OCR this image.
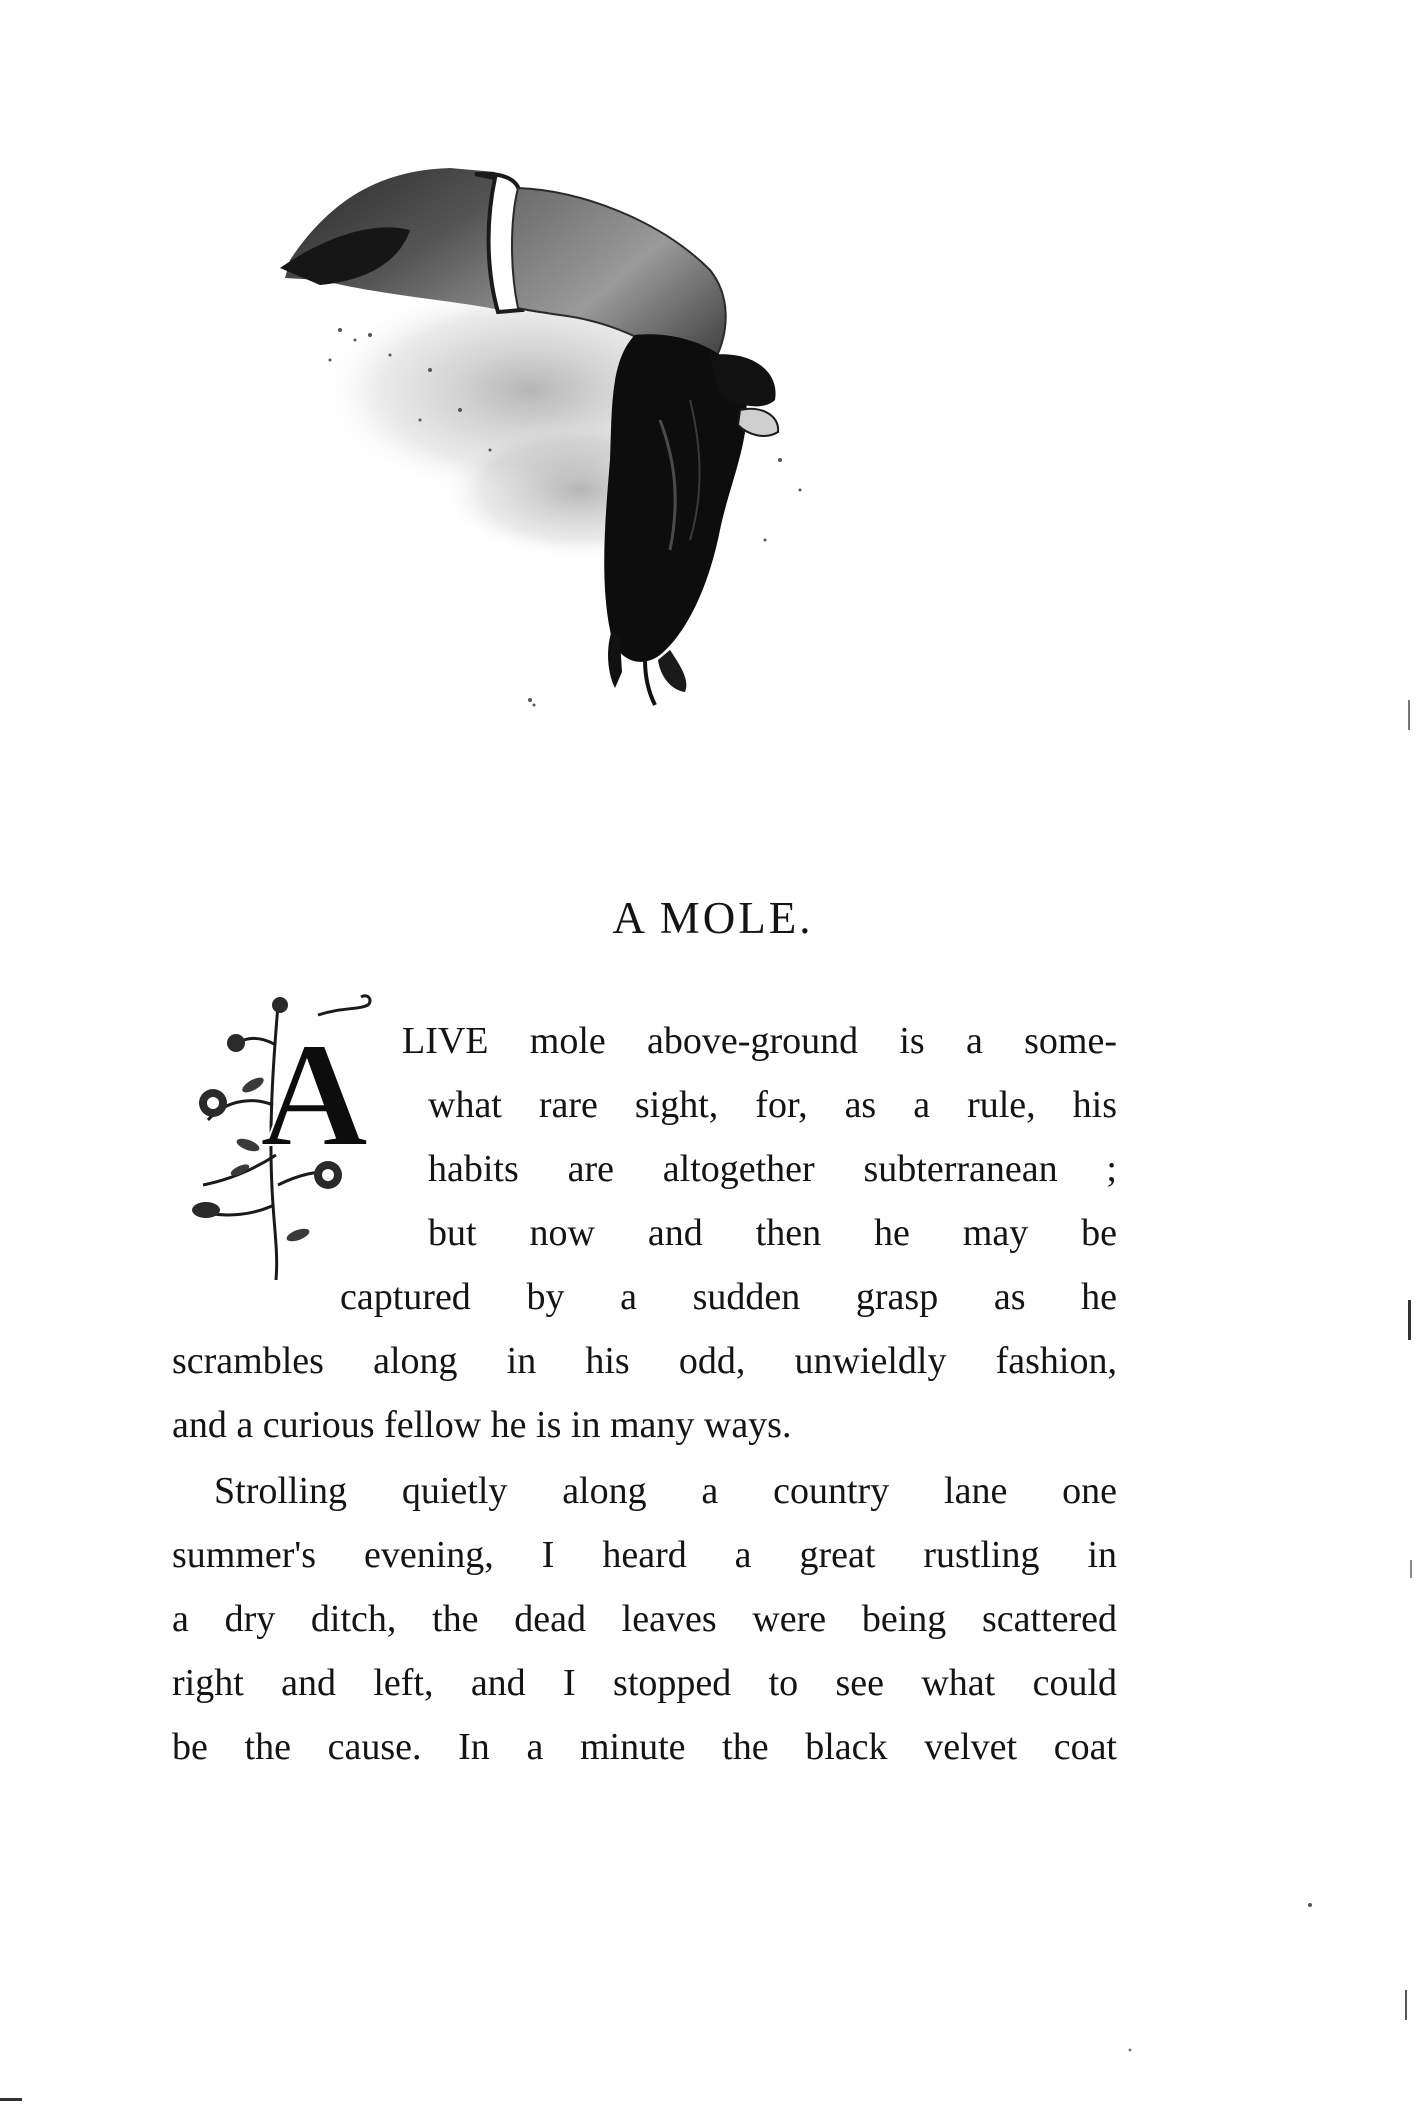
A MOLE.
A LIVE mole above-ground is a some-
what rare sight, for, as a rule, his
habits are altogether subterranean ;
but now and then he may be
captured by a sudden grasp as he
scrambles along in his odd, unwieldly fashion,
and a curious fellow he is in many ways.
Strolling quietly along a country lane one
summer's evening, I heard a great rustling in
a dry ditch, the dead leaves were being scattered
right and left, and I stopped to see what could
be the cause. In a minute the black velvet coat
